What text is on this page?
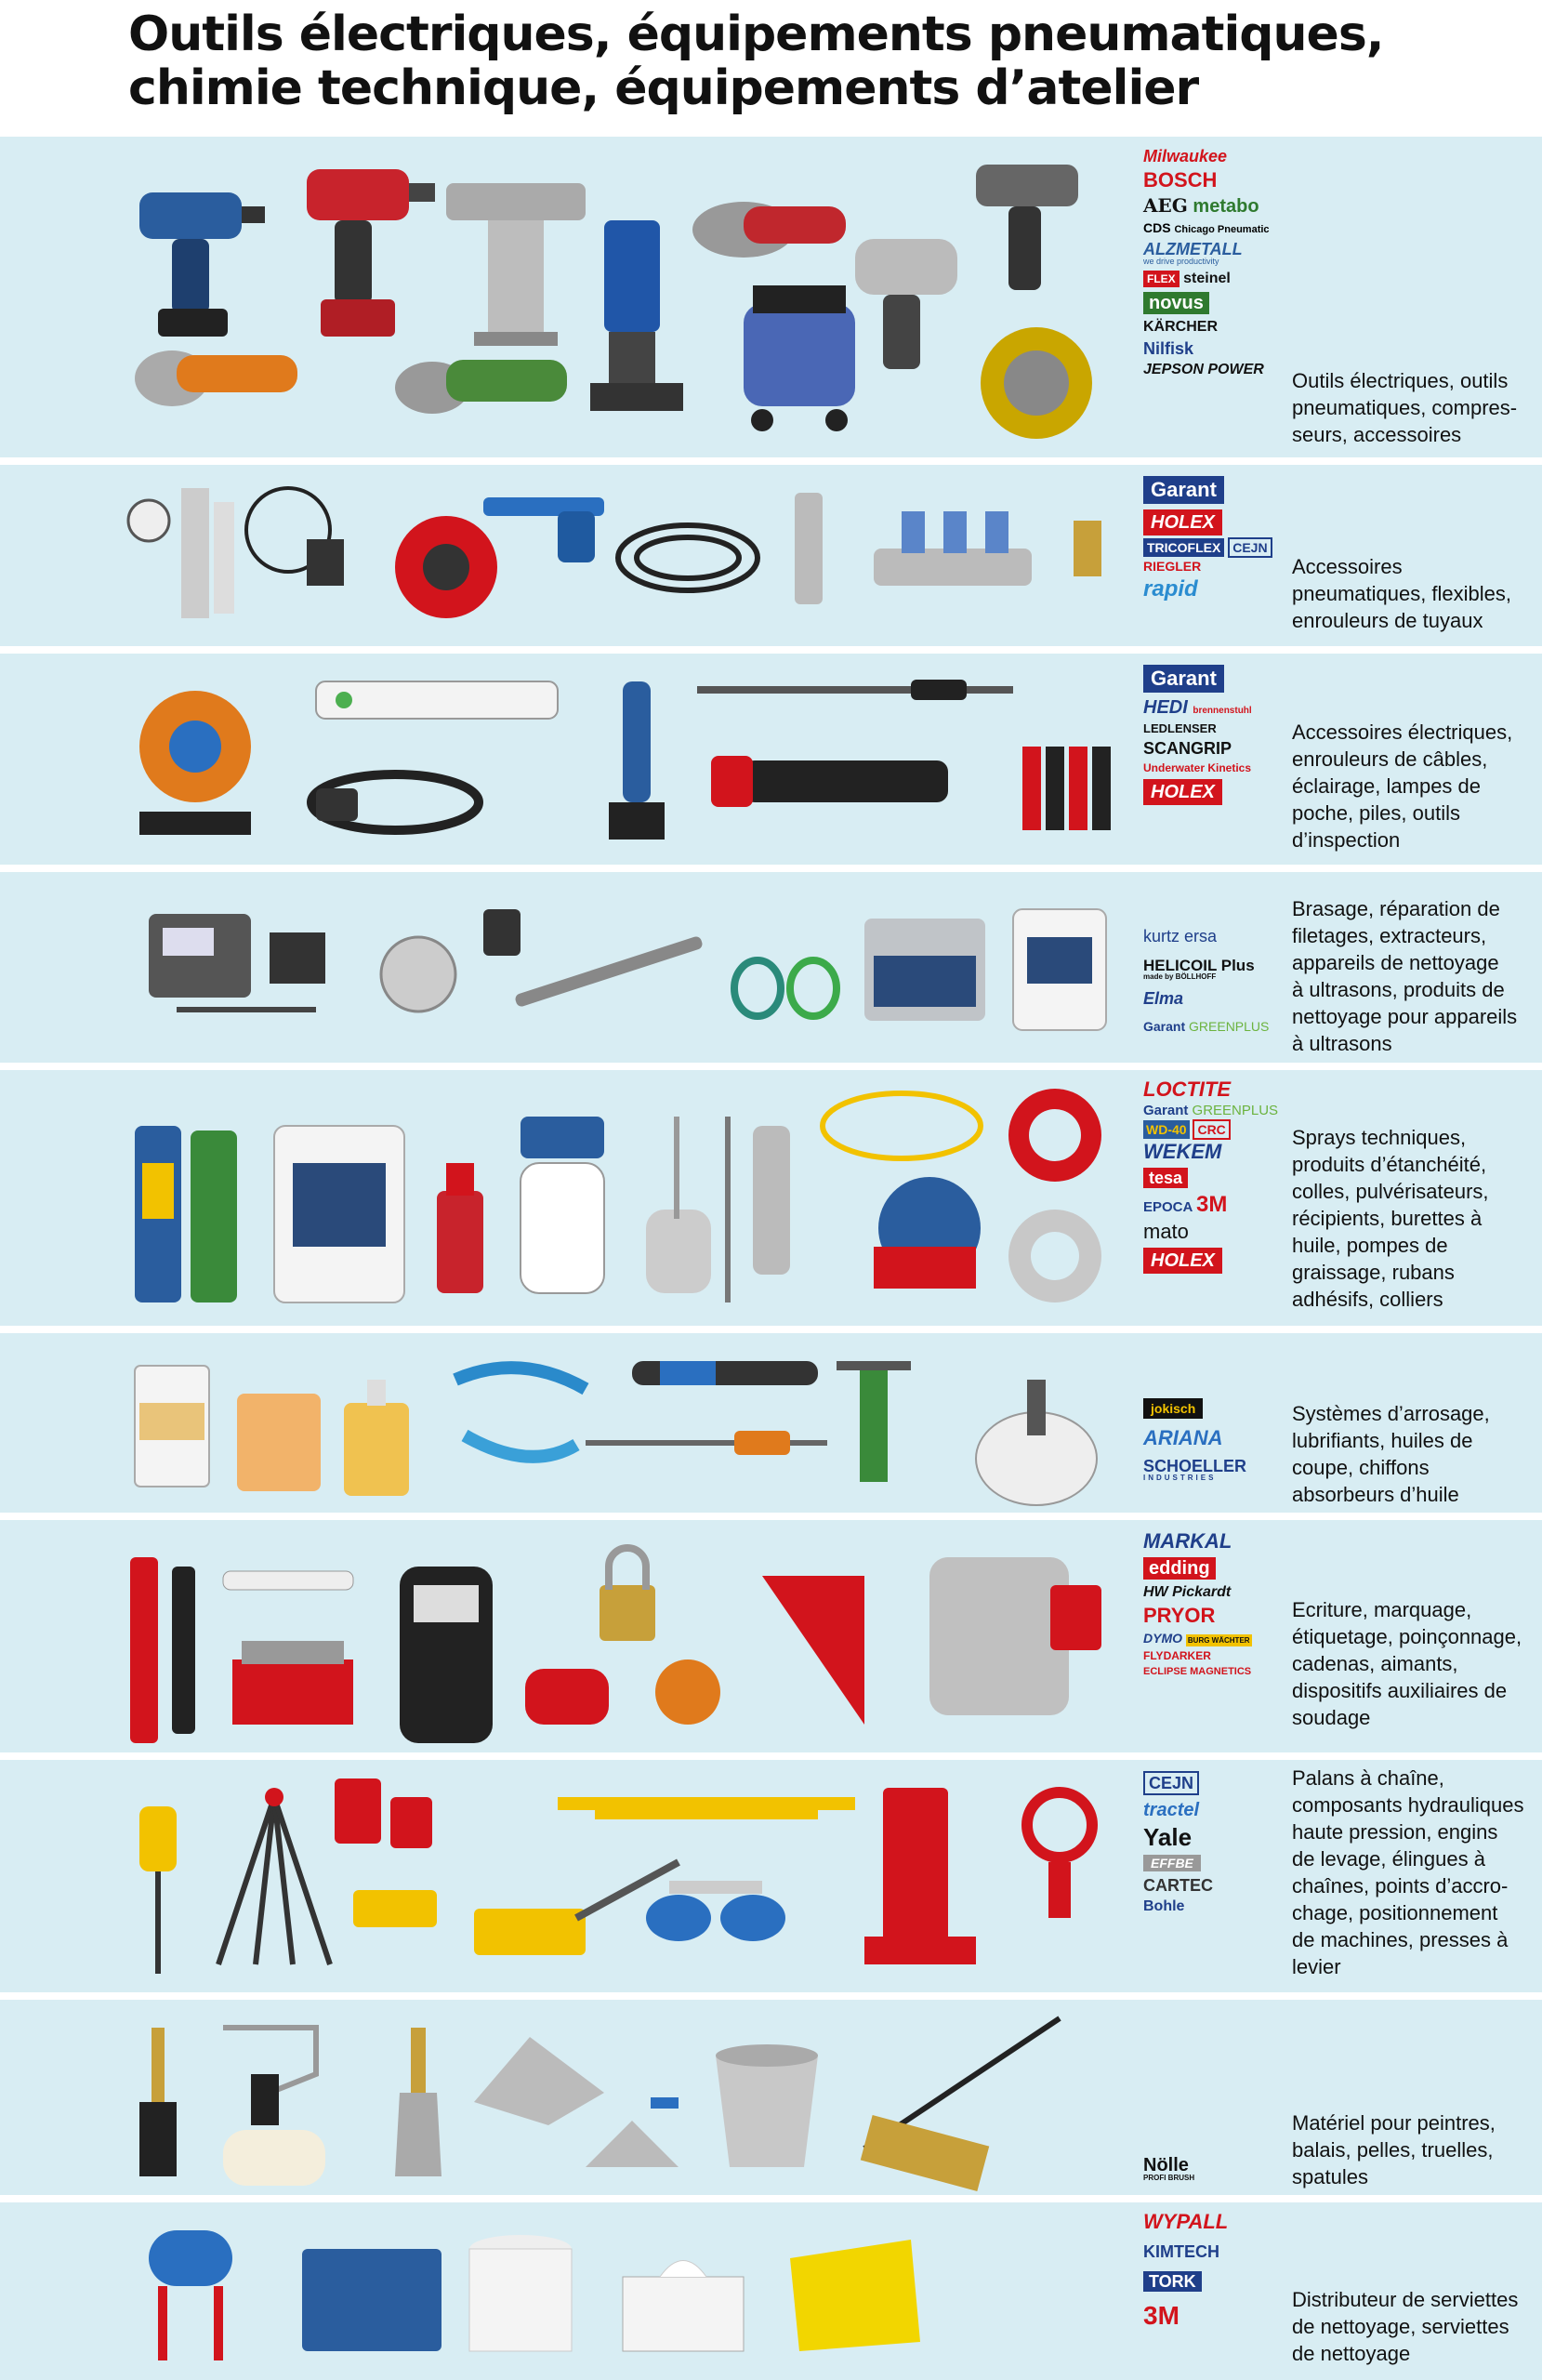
Outils électriques, équipements pneumatiques,
chimie technique, équipements d’atelier
Milwaukee
BOSCH
AEG metabo
CDS Chicago Pneumatic
ALZMETALL
we drive productivity
FLEX steinel
novus
KÄRCHER
Nilfisk
JEPSON POWER	Outils électriques, outils
pneumatiques, compres-
seurs, accessoires
Garant HOLEX
TRICOFLEX CEJN
RIEGLER
rapid
Accessoires
pneumatiques, flexibles,
enrouleurs de tuyaux
Garant
HEDI brennenstuhl
LEDLENSER
SCANGRIP
Underwater Kinetics
HOLEX
Accessoires électriques,
enrouleurs de câbles,
éclairage, lampes de
poche, piles, outils
d’inspection
kurtz ersa
HELICOIL Plus
made by BÖLLHOFF
Elma
Garant GREENPLUS
Brasage, réparation de
filetages, extracteurs,
appareils de nettoyage
à ultrasons, produits de
nettoyage pour appareils
à ultrasons
LOCTITE
Garant GREENPLUS
WD-40 CRC
WEKEM
tesa
EPOCA 3M
mato
HOLEX
Sprays techniques,
produits d’étanchéité,
colles, pulvérisateurs,
récipients, burettes à
huile, pompes de
graissage, rubans
adhésifs, colliers
jokisch
ARIANA
SCHOELLER
INDUSTRIES
Systèmes d’arrosage,
lubrifiants, huiles de
coupe, chiffons
absorbeurs d’huile
MARKAL
edding
HW Pickardt
PRYOR
DYMO BURG WÄCHTER
FLYDARKER
ECLIPSE MAGNETICS
Ecriture, marquage,
étiquetage, poinçonnage,
cadenas, aimants,
dispositifs auxiliaires de
soudage
CEJN
tractel
Yale
EFFBE
CARTEC
Bohle
Palans à chaîne,
composants hydrauliques
haute pression, engins
de levage, élingues à
chaînes, points d’accro-
chage, positionnement
de machines, presses à
levier
Nölle
PROFI BRUSH
Matériel pour peintres,
balais, pelles, truelles,
spatules
WYPALL
KIMTECH
TORK
3M
Distributeur de serviettes
de nettoyage, serviettes
de nettoyage
